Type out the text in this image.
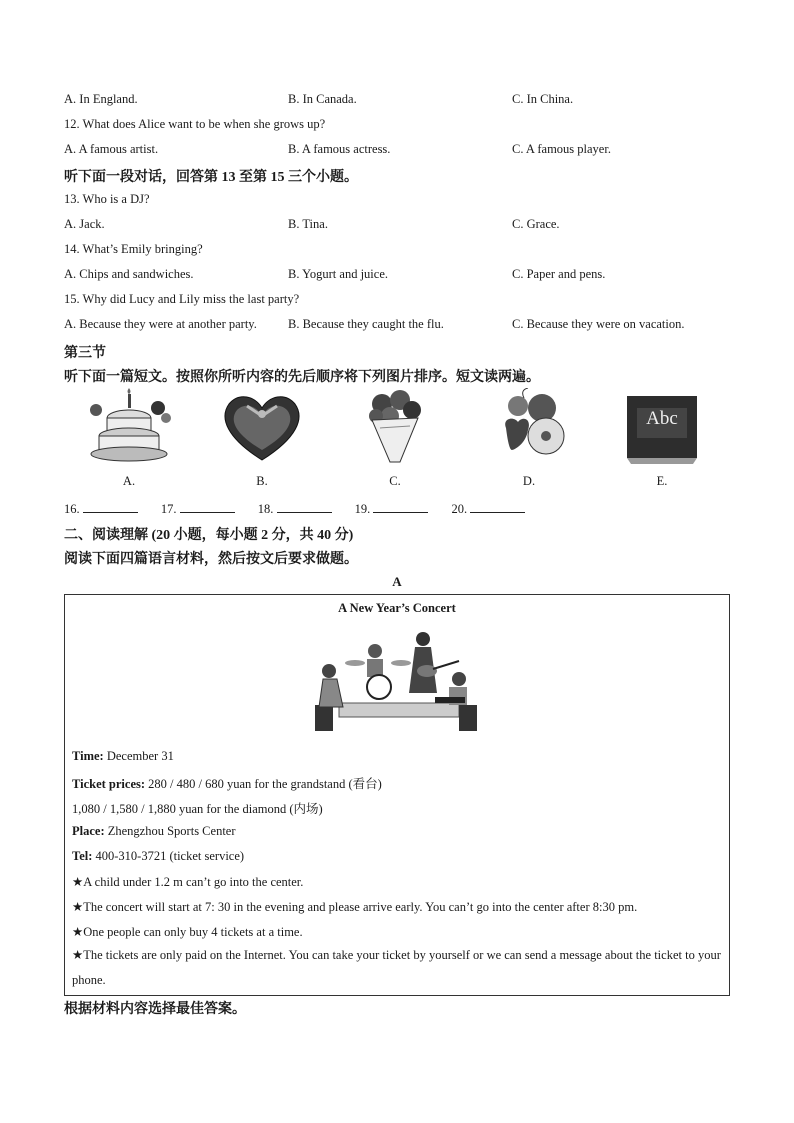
A. In England.	B. In Canada.	C. In China.
12. What does Alice want to be when she grows up?
A. A famous artist.	B. A famous actress.	C. A famous player.
听下面一段对话，回答第 13 至第 15 三个小题。
13. Who is a DJ?
A. Jack.	B. Tina.	C. Grace.
14. What’s Emily bringing?
A. Chips and sandwiches.	B. Yogurt and juice.	C. Paper and pens.
15. Why did Lucy and Lily miss the last party?
A. Because they were at another party. B. Because they caught the flu.	C. Because they were on vacation.
第三节
听下面一篇短文。按照你所听内容的先后顺序将下列图片排序。短文读两遍。
A.	B.	C.	D.
Abc
E.
16.	17.	18.	19.	20.
二、阅读理解 (20 小题，每小题 2 分，共 40 分)
阅读下面四篇语言材料，然后按文后要求做题。
A
A New Year’s Concert
Time: December 31
Ticket prices: 280 / 480 / 680 yuan for the grandstand (看台)
1,080 / 1,580 / 1,880 yuan for the diamond (内场)
Place: Zhengzhou Sports Center
Tel: 400-310-3721 (ticket service)
★A child under 1.2 m can’t go into the center.
★The concert will start at 7: 30 in the evening and please arrive early. You can’t go into the center after 8:30 pm.
★One people can only buy 4 tickets at a time.
★The tickets are only paid on the Internet. You can take your ticket by yourself or we can send a message about the ticket to your phone.
根据材料内容选择最佳答案。
